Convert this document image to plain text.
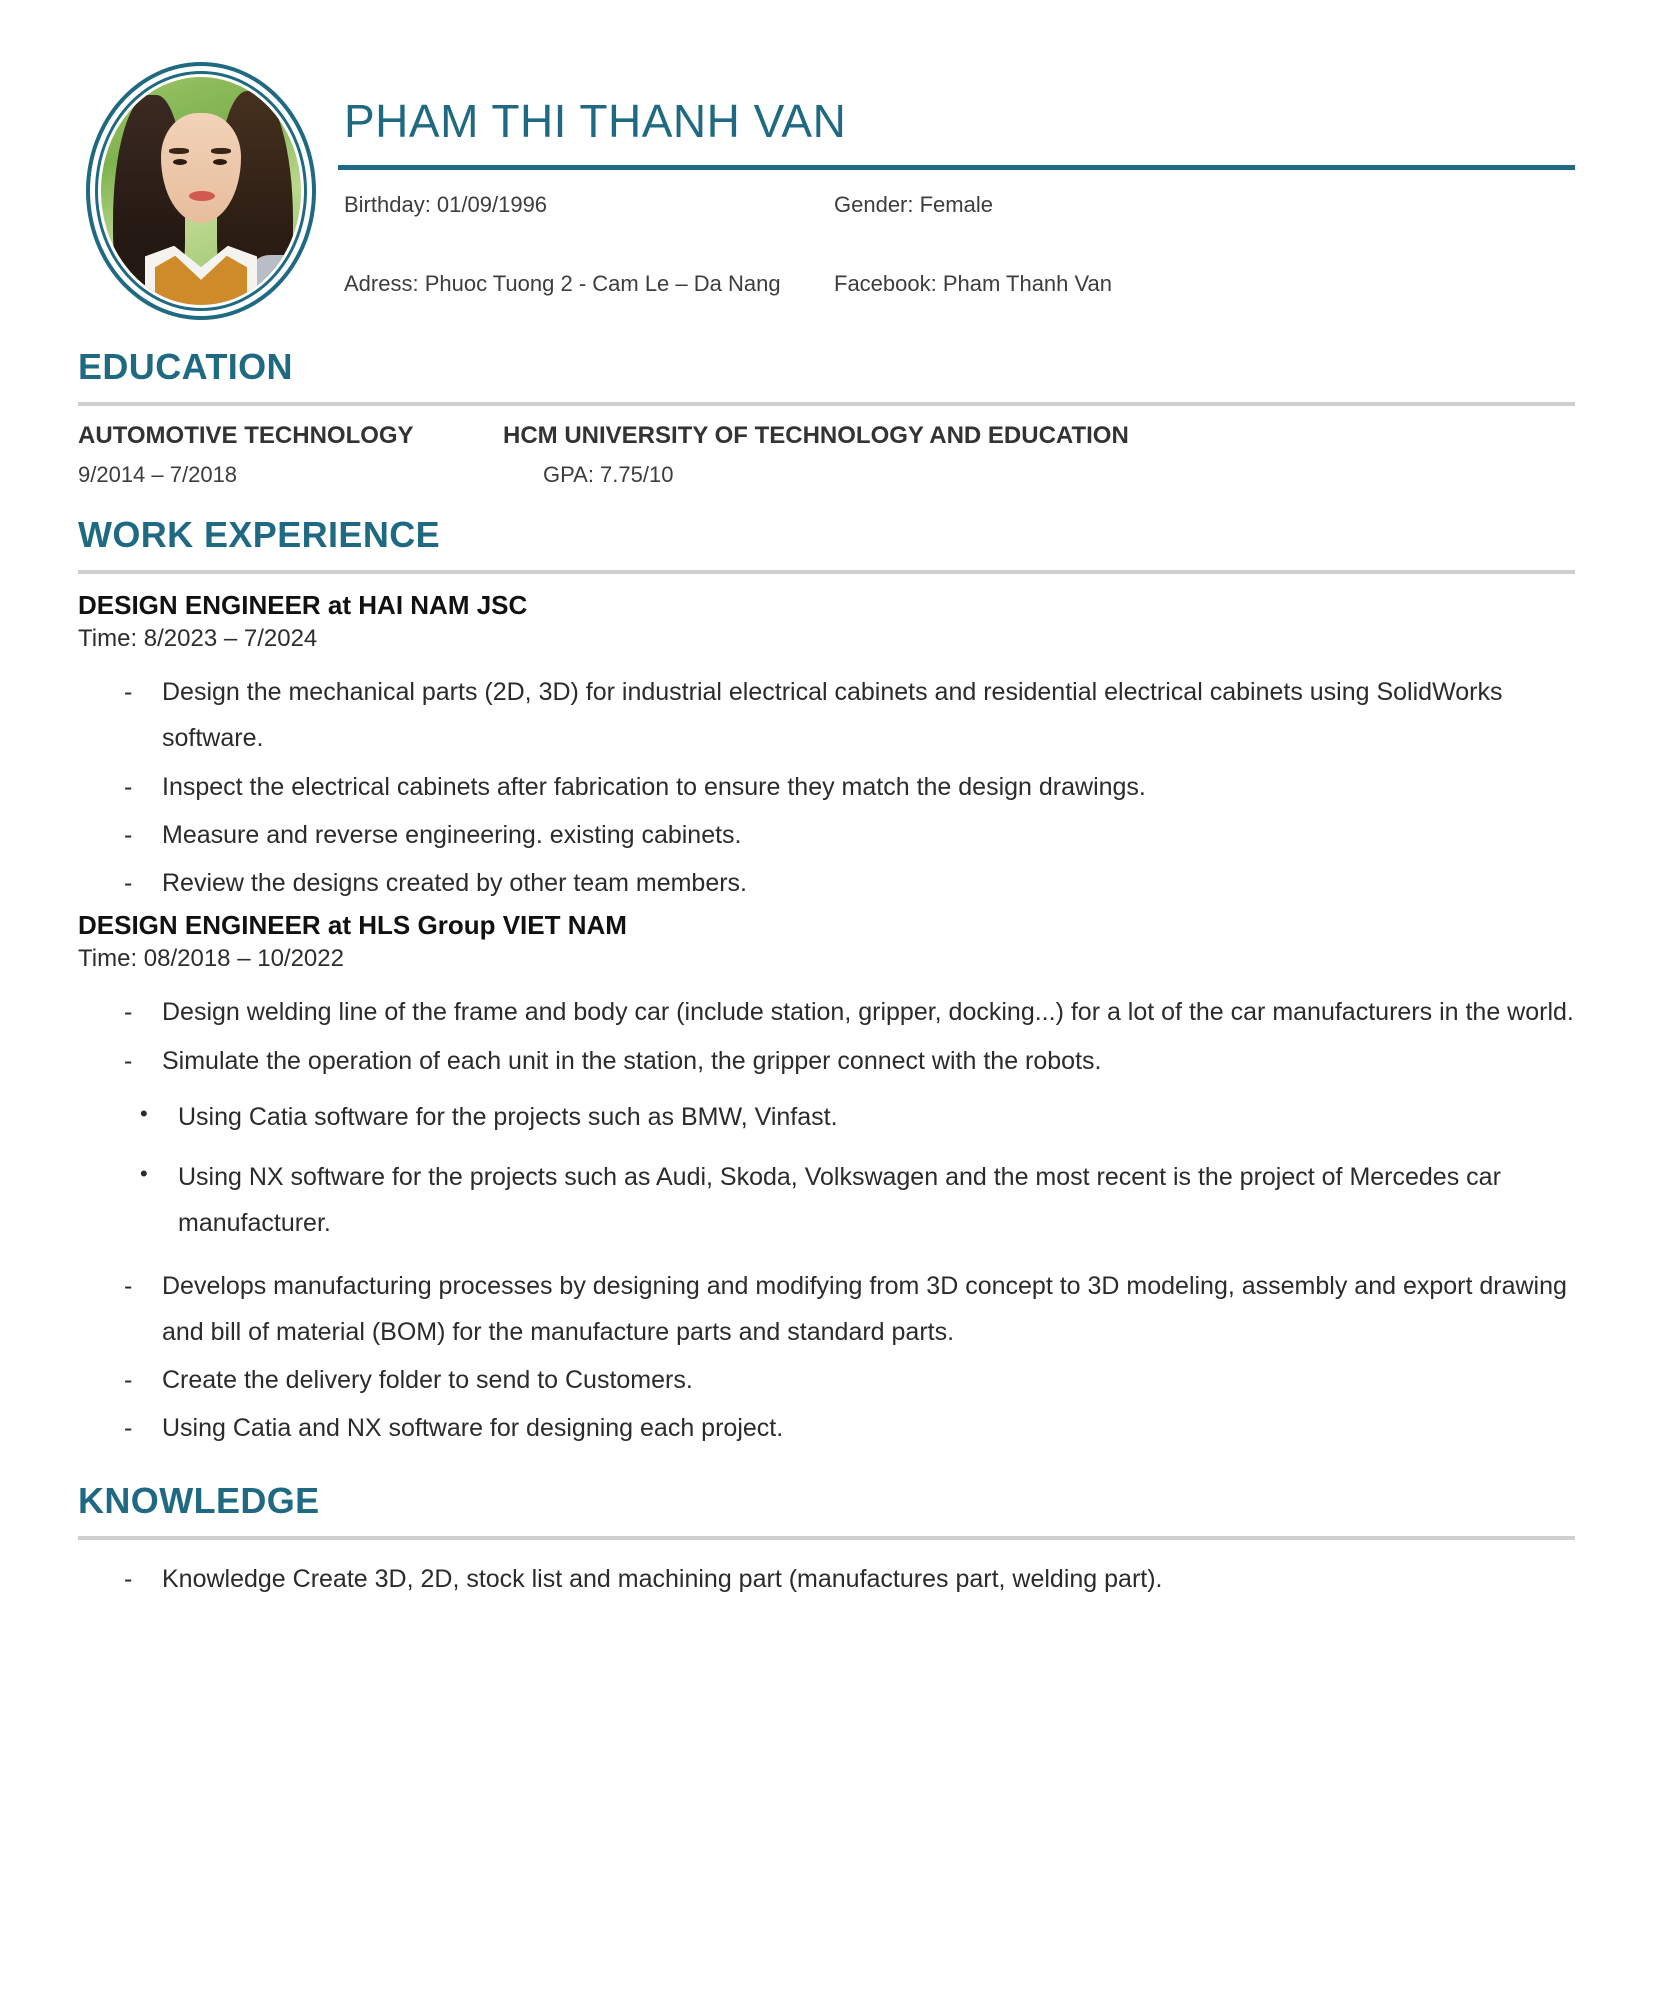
PHAM THI THANH VAN
Birthday: 01/09/1996	Gender: Female
Adress: Phuoc Tuong 2 - Cam Le – Da Nang	Facebook: Pham Thanh Van
EDUCATION
AUTOMOTIVE TECHNOLOGY	HCM UNIVERSITY OF TECHNOLOGY AND EDUCATION
9/2014 – 7/2018	GPA: 7.75/10
WORK EXPERIENCE
DESIGN ENGINEER at HAI NAM JSC
Time: 8/2023 – 7/2024
- Design the mechanical parts (2D, 3D) for industrial electrical cabinets and residential electrical cabinets using SolidWorks software.
- Inspect the electrical cabinets after fabrication to ensure they match the design drawings.
- Measure and reverse engineering. existing cabinets.
- Review the designs created by other team members.
DESIGN ENGINEER at HLS Group VIET NAM
Time: 08/2018 – 10/2022
- Design welding line of the frame and body car (include station, gripper, docking...) for a lot of the car manufacturers in the world.
- Simulate the operation of each unit in the station, the gripper connect with the robots.
• Using Catia software for the projects such as BMW, Vinfast.
• Using NX software for the projects such as Audi, Skoda, Volkswagen and the most recent is the project of Mercedes car manufacturer.
- Develops manufacturing processes by designing and modifying from 3D concept to 3D modeling, assembly and export drawing and bill of material (BOM) for the manufacture parts and standard parts.
- Create the delivery folder to send to Customers.
- Using Catia and NX software for designing each project.
KNOWLEDGE
- Knowledge Create 3D, 2D, stock list and machining part (manufactures part, welding part).
